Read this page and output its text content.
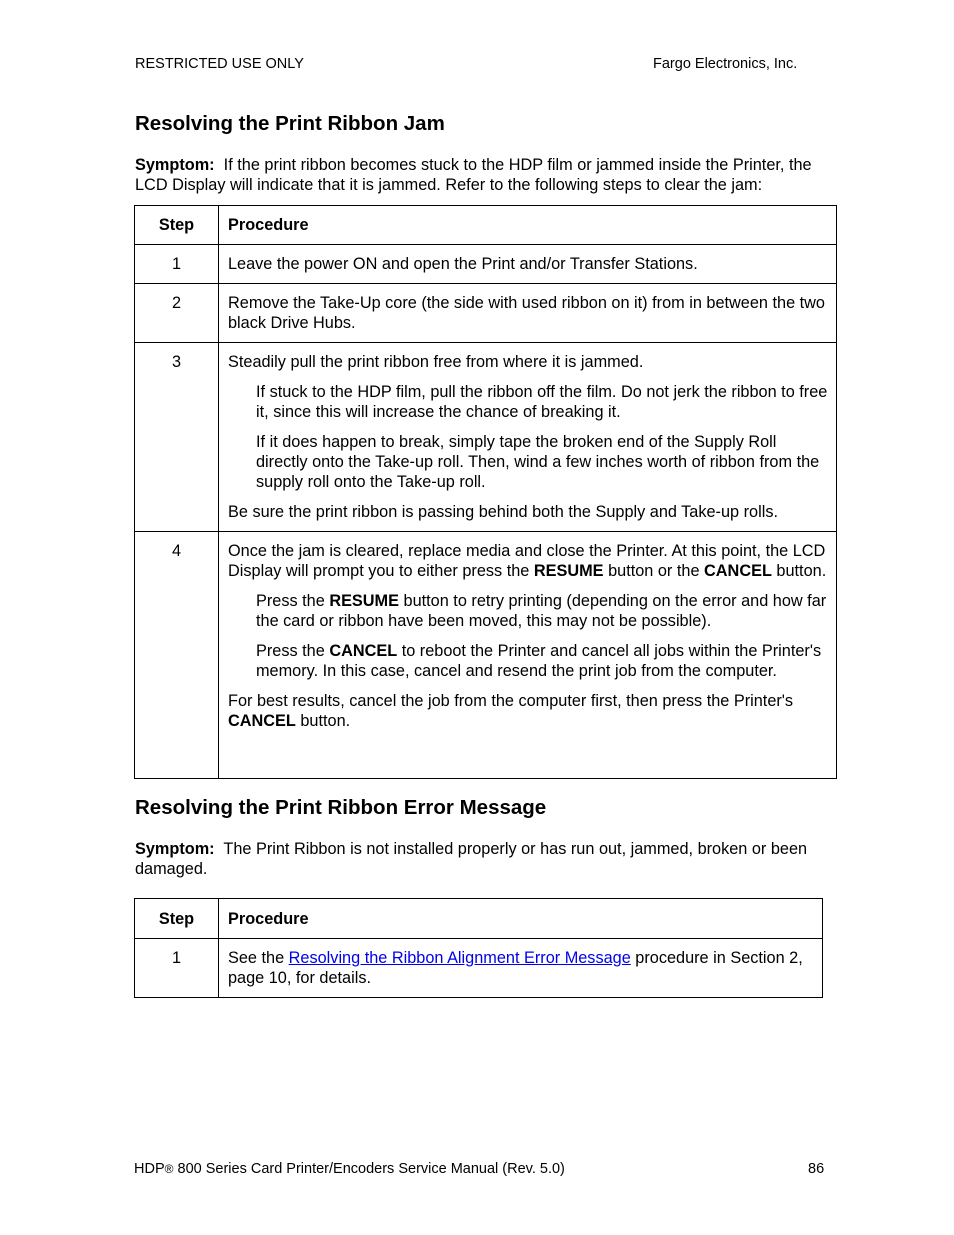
RESTRICTED USE ONLY	Fargo Electronics, Inc.
Resolving the Print Ribbon Jam

Symptom: If the print ribbon becomes stuck to the HDP film or jammed inside the Printer, the LCD Display will indicate that it is jammed. Refer to the following steps to clear the jam:

Step	Procedure

1	Leave the power ON and open the Print and/or Transfer Stations.

2	Remove the Take-Up core (the side with used ribbon on it) from in between the two black Drive Hubs.

3	Steadily pull the print ribbon free from where it is jammed.

If stuck to the HDP film, pull the ribbon off the film. Do not jerk the ribbon to free it, since this will increase the chance of breaking it.

If it does happen to break, simply tape the broken end of the Supply Roll directly onto the Take-up roll. Then, wind a few inches worth of ribbon from the supply roll onto the Take-up roll.

Be sure the print ribbon is passing behind both the Supply and Take-up rolls.

4	Once the jam is cleared, replace media and close the Printer. At this point, the LCD Display will prompt you to either press the RESUME button or the CANCEL button.

Press the RESUME button to retry printing (depending on the error and how far the card or ribbon have been moved, this may not be possible).

Press the CANCEL to reboot the Printer and cancel all jobs within the Printer's memory. In this case, cancel and resend the print job from the computer.

For best results, cancel the job from the computer first, then press the Printer's CANCEL button.

Resolving the Print Ribbon Error Message

Symptom: The Print Ribbon is not installed properly or has run out, jammed, broken or been damaged.

Step	Procedure

1	See the Resolving the Ribbon Alignment Error Message procedure in Section 2, page 10, for details.

HDP® 800 Series Card Printer/Encoders Service Manual (Rev. 5.0)	86
